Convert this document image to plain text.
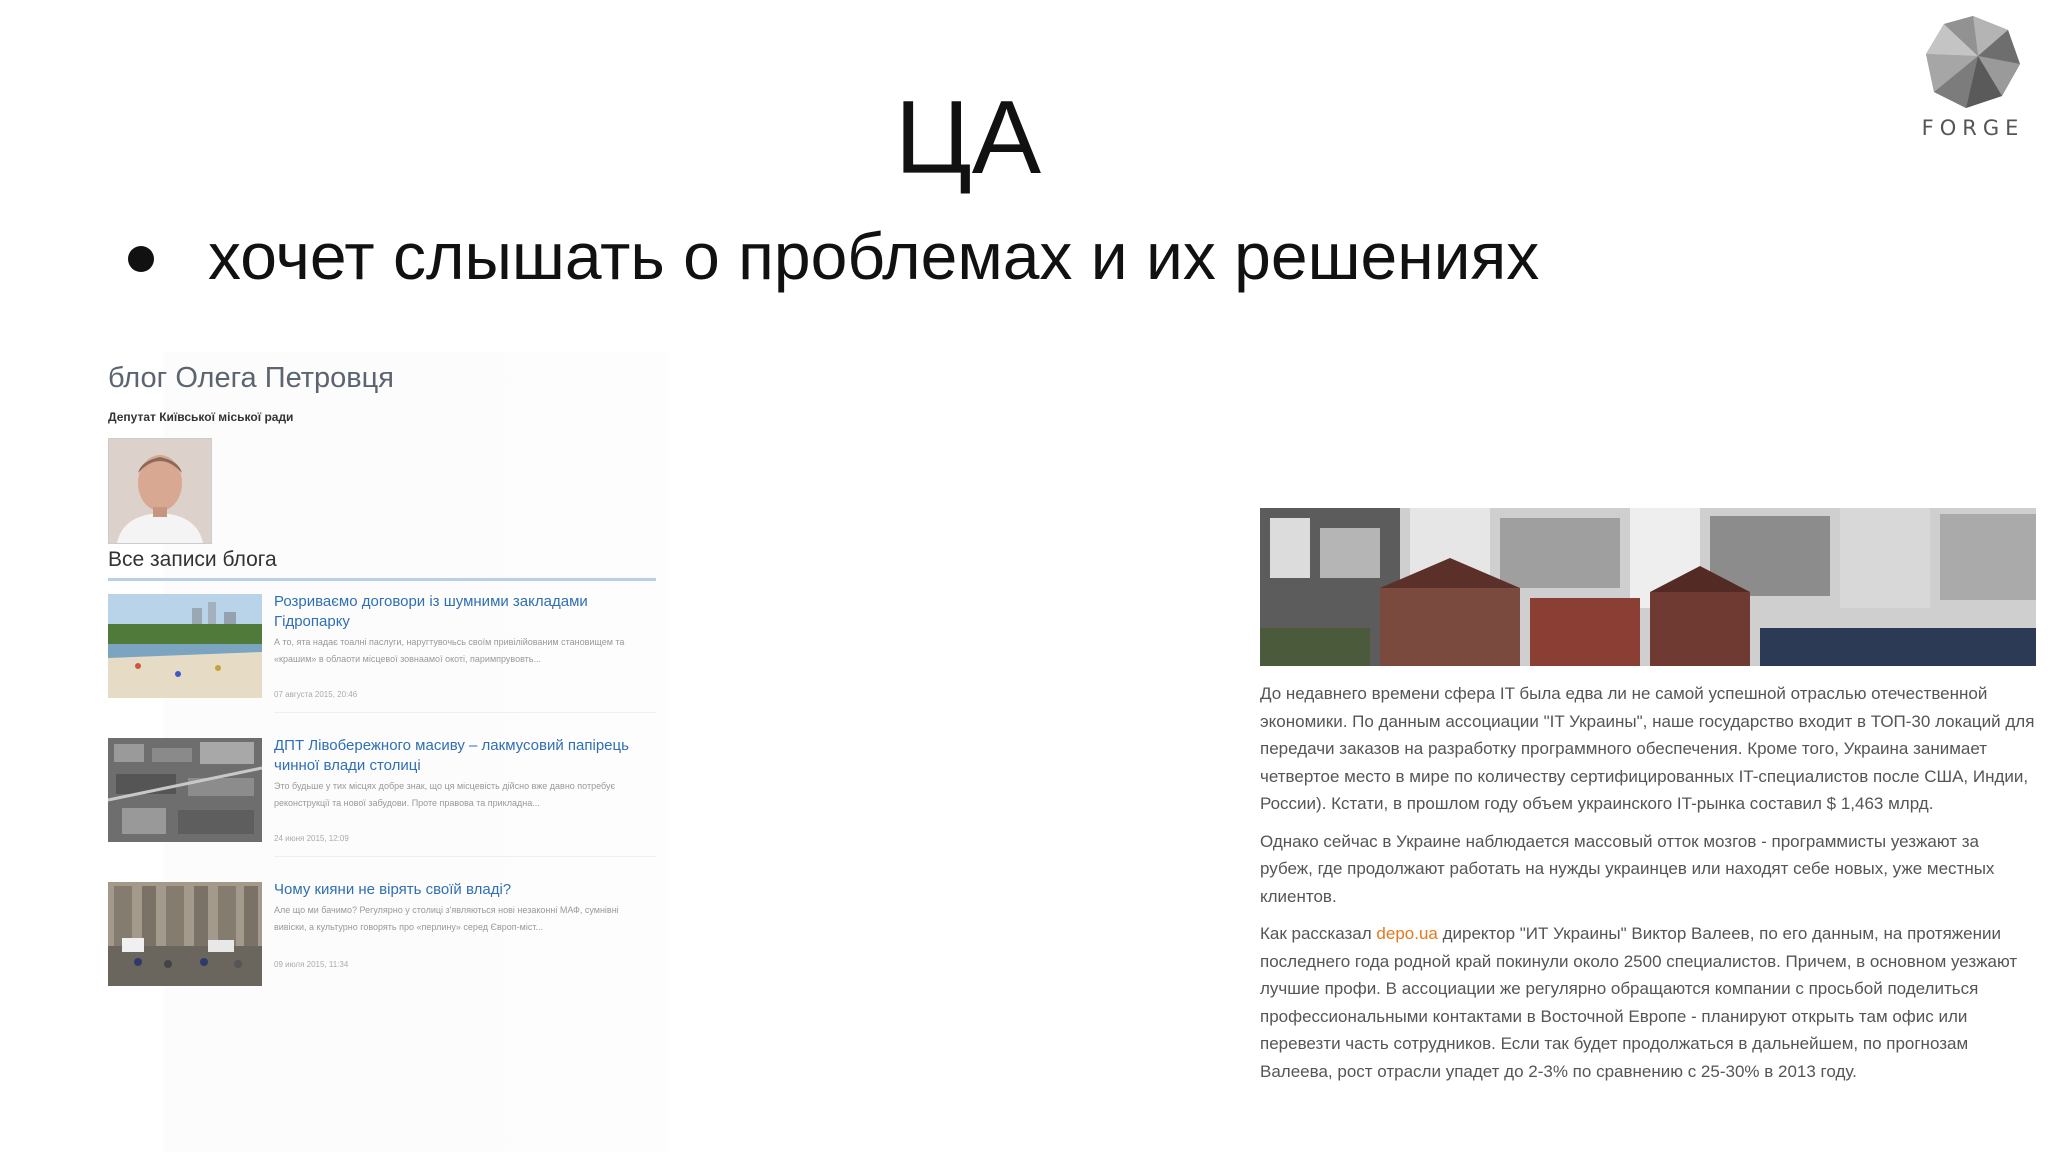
ЦА
хочет слышать о проблемах и их решениях
FORGE
блог Олега Петровця
Депутат Київської міської ради
Все записи блога
Розриваємо договори із шумними закладами Гідропарку
А то, ята надає тоалні паслуги, наругтувочьсь своїм привілійованим становищем та «крашим» в облаоти місцевої зовнаамої окоті, паримпрувовть...
07 августа 2015, 20:46
ДПТ Лівобережного масиву – лакмусовий папірець чинної влади столиці
Это будьше у тих місцях добре знак, що ця місцевість дійсно вже давно потребує реконструкції та нової забудови. Проте правова та прикладна...
24 июня 2015, 12:09
Чому кияни не вірять своїй владі?
Але що ми бачимо? Регулярно у столиці з'являються нові незаконні МАФ, сумнівні вивіски, а культурно говорять про «перлину» серед Європ-міст...
09 июля 2015, 11:34

До недавнего времени сфера IT была едва ли не самой успешной отраслью отечественной экономики. По данным ассоциации "IT Украины", наше государство входит в ТОП-30 локаций для передачи заказов на разработку программного обеспечения. Кроме того, Украина занимает четвертое место в мире по количеству сертифицированных IT-специалистов после США, Индии, России). Кстати, в прошлом году объем украинского IT-рынка составил $ 1,463 млрд.

Однако сейчас в Украине наблюдается массовый отток мозгов - программисты уезжают за рубеж, где продолжают работать на нужды украинцев или находят себе новых, уже местных клиентов.

Как рассказал depo.ua директор "ИТ Украины" Виктор Валеев, по его данным, на протяжении последнего года родной край покинули около 2500 специалистов. Причем, в основном уезжают лучшие профи. В ассоциации же регулярно обращаются компании с просьбой поделиться профессиональными контактами в Восточной Европе - планируют открыть там офис или перевезти часть сотрудников. Если так будет продолжаться в дальнейшем, по прогнозам Валеева, рост отрасли упадет до 2-3% по сравнению с 25-30% в 2013 году.
